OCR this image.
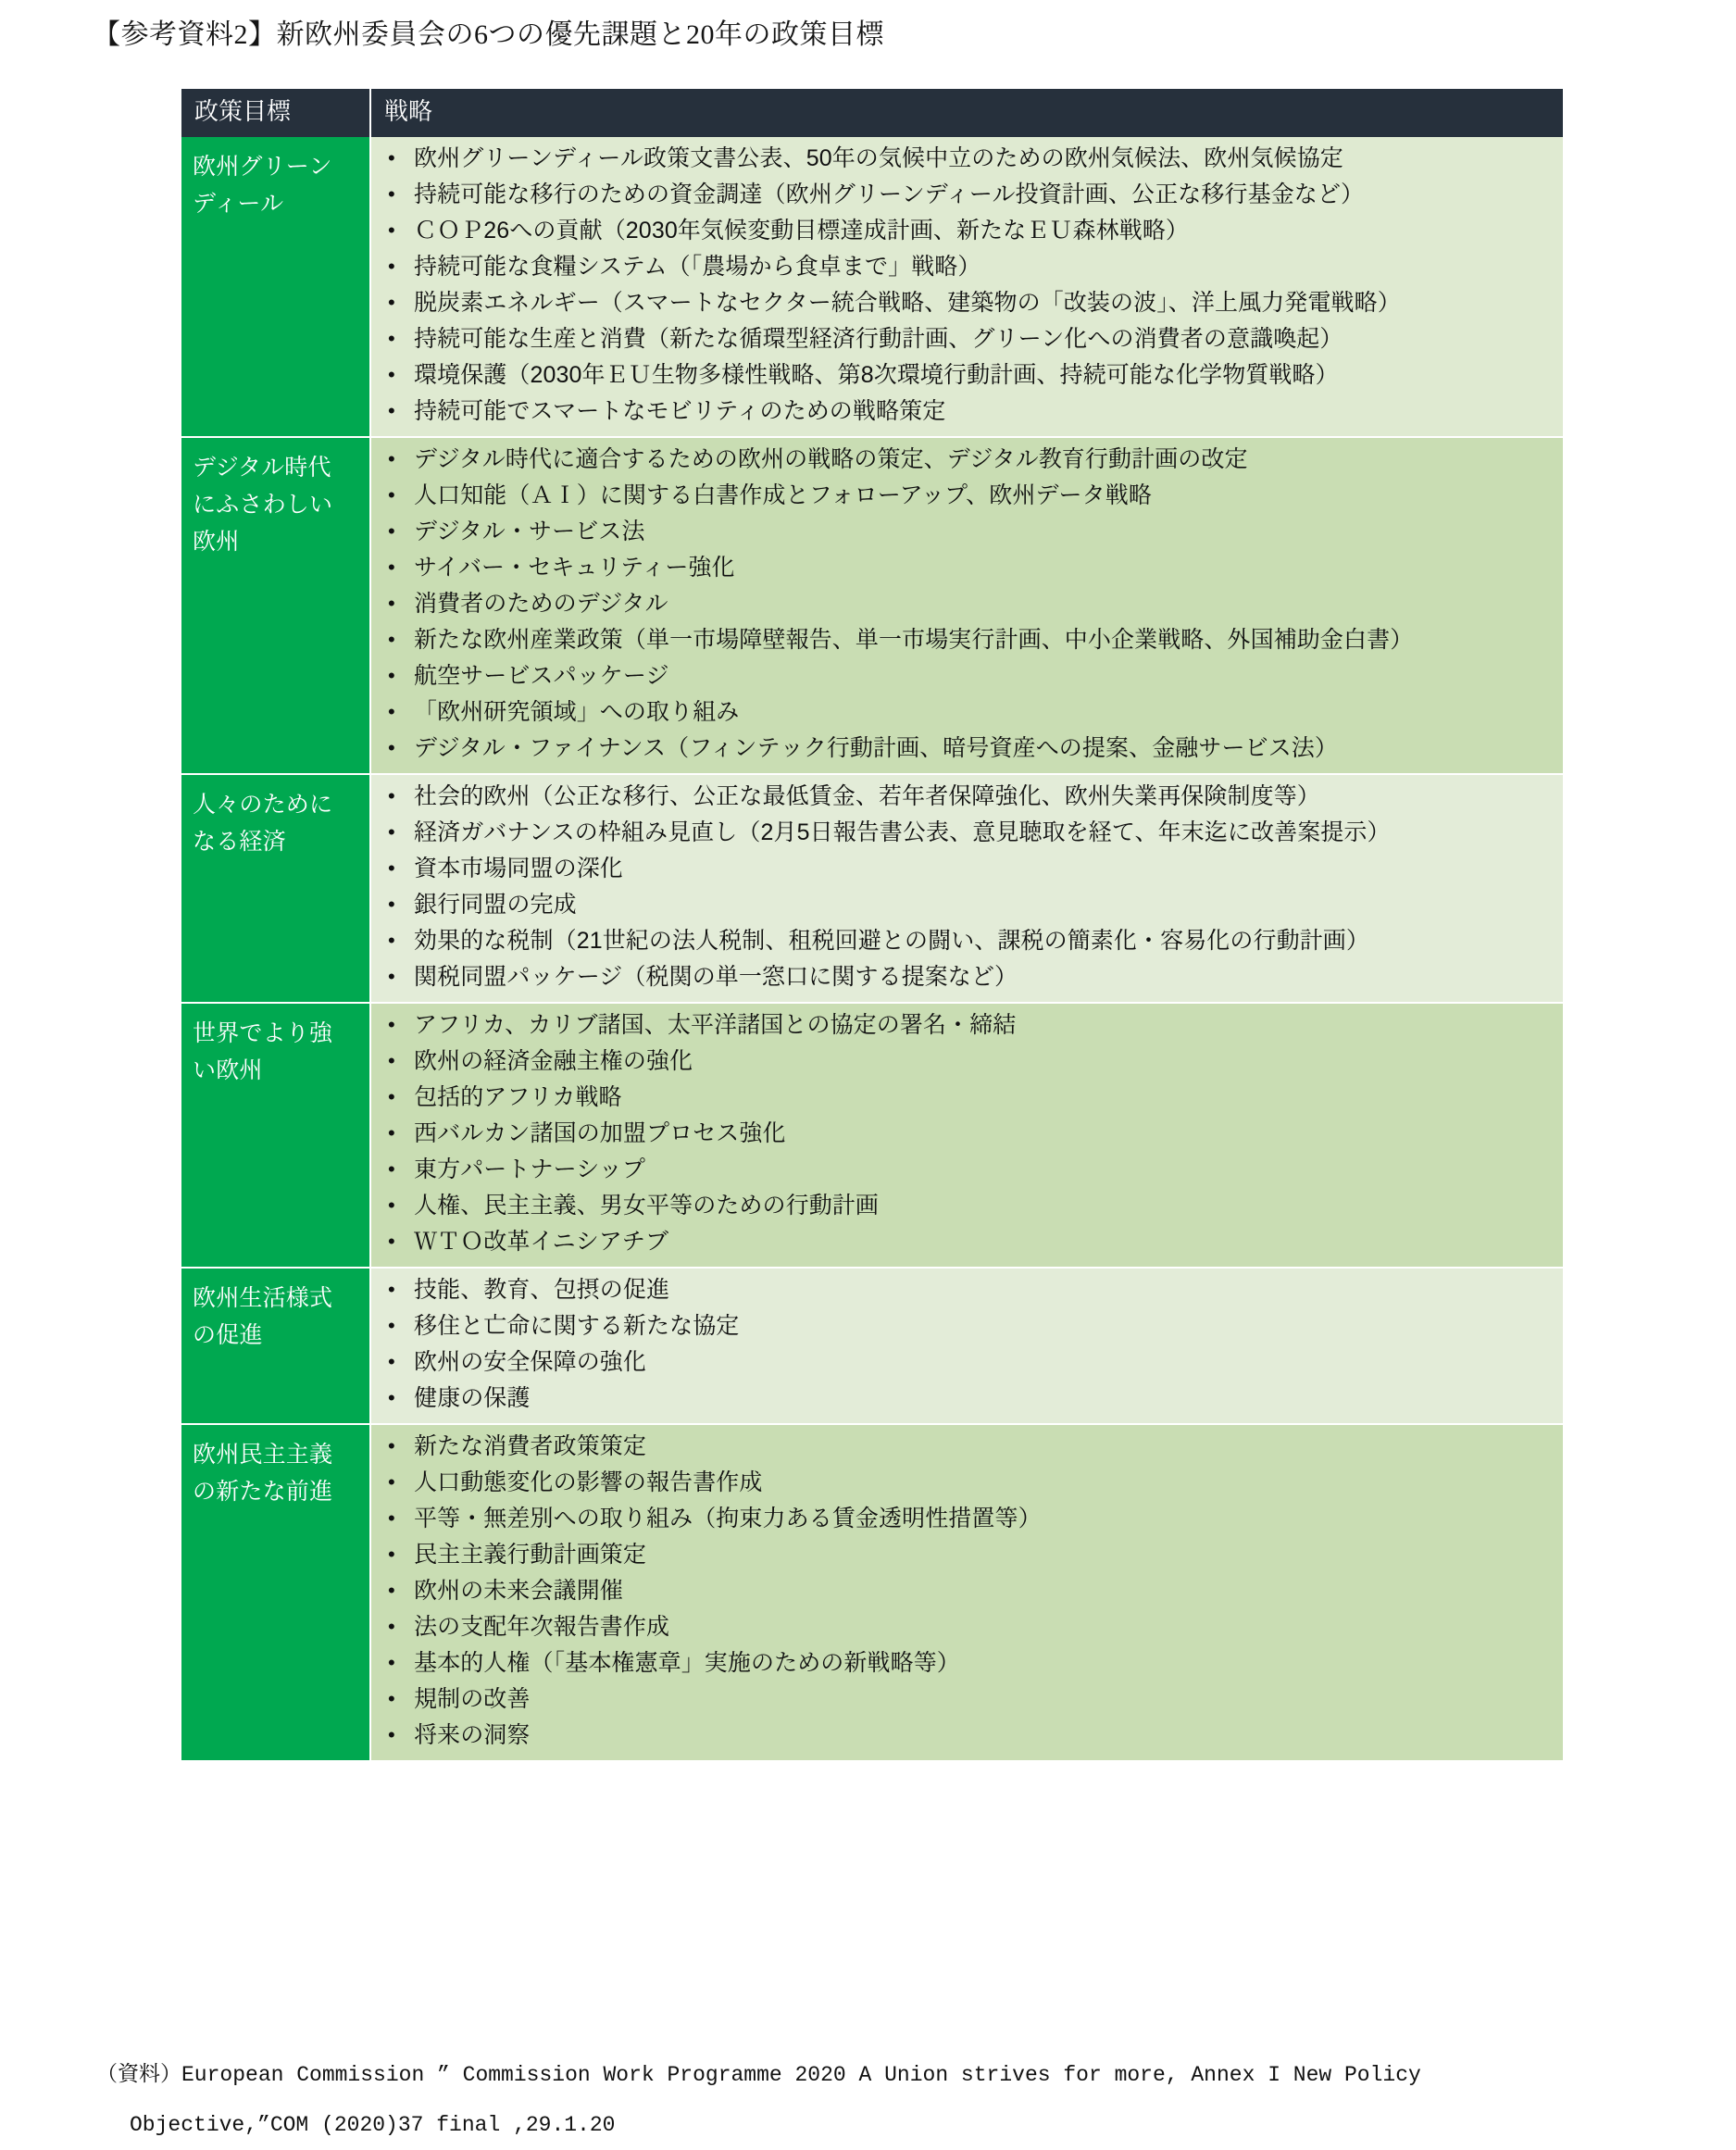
【参考資料2】新欧州委員会の6つの優先課題と20年の政策目標
政策目標	戦略

欧州グリーン
ディール

• 欧州グリーンディール政策文書公表、50年の気候中立のための欧州気候法、欧州気候協定
• 持続可能な移行のための資金調達（欧州グリーンディール投資計画、公正な移行基金など）
• ＣＯＰ26への貢献（2030年気候変動目標達成計画、新たなＥＵ森林戦略）
• 持続可能な食糧システム（「農場から食卓まで」戦略）
• 脱炭素エネルギー（スマートなセクター統合戦略、建築物の「改装の波」、洋上風力発電戦略）
• 持続可能な生産と消費（新たな循環型経済行動計画、グリーン化への消費者の意識喚起）
• 環境保護（2030年ＥＵ生物多様性戦略、第8次環境行動計画、持続可能な化学物質戦略）
• 持続可能でスマートなモビリティのための戦略策定

デジタル時代
にふさわしい
欧州

• デジタル時代に適合するための欧州の戦略の策定、デジタル教育行動計画の改定
• 人口知能（ＡＩ）に関する白書作成とフォローアップ、欧州データ戦略
• デジタル・サービス法
• サイバー・セキュリティー強化
• 消費者のためのデジタル
• 新たな欧州産業政策（単一市場障壁報告、単一市場実行計画、中小企業戦略、外国補助金白書）
• 航空サービスパッケージ
• 「欧州研究領域」への取り組み
• デジタル・ファイナンス（フィンテック行動計画、暗号資産への提案、金融サービス法）

人々のために
なる経済

• 社会的欧州（公正な移行、公正な最低賃金、若年者保障強化、欧州失業再保険制度等）
• 経済ガバナンスの枠組み見直し（2月5日報告書公表、意見聴取を経て、年末迄に改善案提示）
• 資本市場同盟の深化
• 銀行同盟の完成
• 効果的な税制（21世紀の法人税制、租税回避との闘い、課税の簡素化・容易化の行動計画）
• 関税同盟パッケージ（税関の単一窓口に関する提案など）

世界でより強
い欧州

• アフリカ、カリブ諸国、太平洋諸国との協定の署名・締結
• 欧州の経済金融主権の強化
• 包括的アフリカ戦略
• 西バルカン諸国の加盟プロセス強化
• 東方パートナーシップ
• 人権、民主主義、男女平等のための行動計画
• ＷＴＯ改革イニシアチブ

欧州生活様式
の促進

• 技能、教育、包摂の促進
• 移住と亡命に関する新たな協定
• 欧州の安全保障の強化
• 健康の保護

欧州民主主義
の新たな前進

• 新たな消費者政策策定
• 人口動態変化の影響の報告書作成
• 平等・無差別への取り組み（拘束力ある賃金透明性措置等）
• 民主主義行動計画策定
• 欧州の未来会議開催
• 法の支配年次報告書作成
• 基本的人権（「基本権憲章」実施のための新戦略等）
• 規制の改善
• 将来の洞察
（資料）European Commission ” Commission Work Programme 2020 A Union strives for more, Annex I New Policy
Objective,”COM (2020)37 final ,29.1.20
